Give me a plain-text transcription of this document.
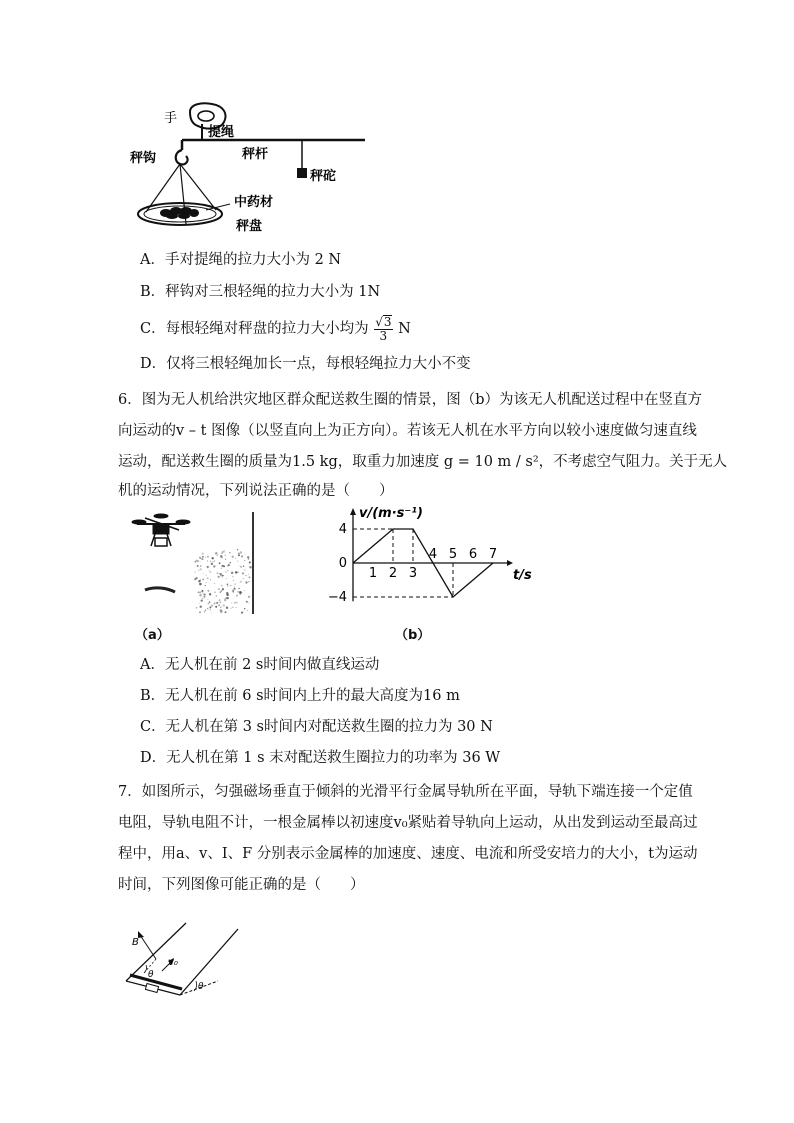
手
提绳
秤钩	秤杆
秤砣
中药材
秤盘
A．手对提绳的拉力大小为 2 N
B．秤钩对三根轻绳的拉力大小为 1N
C．每根轻绳对秤盘的拉力大小均为 $\frac{√3}{3}$ N
D．仅将三根轻绳加长一点，每根轻绳拉力大小不变
6．图为无人机给洪灾地区群众配送救生圈的情景，图（b）为该无人机配送过程中在竖直方
向运动的v – t 图像（以竖直向上为正方向）。若该无人机在水平方向以较小速度做匀速直线
运动，配送救生圈的质量为1.5 kg，取重力加速度 g = 10 m / s²，不考虑空气阻力。关于无人
机的运动情况，下列说法正确的是（　　）
1 2 3
4 5 6 7
4
0
−4
v/(m·s⁻¹)
t/s
（a）	（b）
A．无人机在前 2 s时间内做直线运动
B．无人机在前 6 s时间内上升的最大高度为16 m
C．无人机在第 3 s时间内对配送救生圈的拉力为 30 N
D．无人机在第 1 s 末对配送救生圈拉力的功率为 36 W
7．如图所示，匀强磁场垂直于倾斜的光滑平行金属导轨所在平面，导轨下端连接一个定值
电阻，导轨电阻不计，一根金属棒以初速度v₀紧贴着导轨向上运动，从出发到运动至最高过
程中，用a、v、I、F 分别表示金属棒的加速度、速度、电流和所受安培力的大小，t为运动
时间，下列图像可能正确的是（　　）
B
v₀
θ
θ
